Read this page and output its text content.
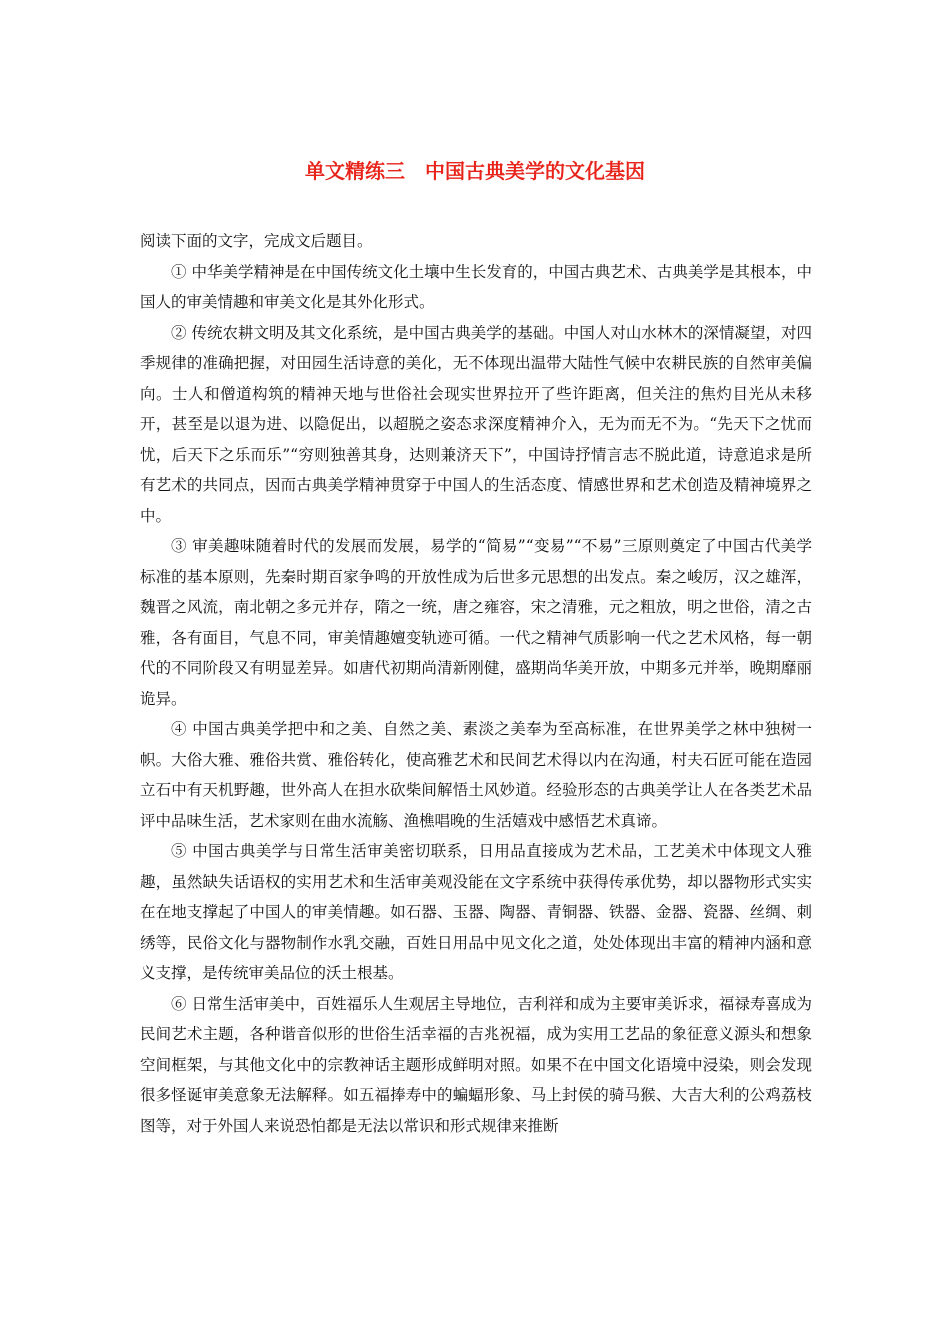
单文精练三　中国古典美学的文化基因

阅读下面的文字，完成文后题目。

① 中华美学精神是在中国传统文化土壤中生长发育的，中国古典艺术、古典美学是其根本，中国人的审美情趣和审美文化是其外化形式。

② 传统农耕文明及其文化系统，是中国古典美学的基础。中国人对山水林木的深情凝望，对四季规律的准确把握，对田园生活诗意的美化，无不体现出温带大陆性气候中农耕民族的自然审美偏向。士人和僧道构筑的精神天地与世俗社会现实世界拉开了些许距离，但关注的焦灼目光从未移开，甚至是以退为进、以隐促出，以超脱之姿态求深度精神介入，无为而无不为。“先天下之忧而忧，后天下之乐而乐”“穷则独善其身，达则兼济天下”，中国诗抒情言志不脱此道，诗意追求是所有艺术的共同点，因而古典美学精神贯穿于中国人的生活态度、情感世界和艺术创造及精神境界之中。

③ 审美趣味随着时代的发展而发展，易学的“简易”“变易”“不易”三原则奠定了中国古代美学标准的基本原则，先秦时期百家争鸣的开放性成为后世多元思想的出发点。秦之峻厉，汉之雄浑，魏晋之风流，南北朝之多元并存，隋之一统，唐之雍容，宋之清雅，元之粗放，明之世俗，清之古雅，各有面目，气息不同，审美情趣嬗变轨迹可循。一代之精神气质影响一代之艺术风格，每一朝代的不同阶段又有明显差异。如唐代初期尚清新刚健，盛期尚华美开放，中期多元并举，晚期靡丽诡异。

④ 中国古典美学把中和之美、自然之美、素淡之美奉为至高标准，在世界美学之林中独树一帜。大俗大雅、雅俗共赏、雅俗转化，使高雅艺术和民间艺术得以内在沟通，村夫石匠可能在造园立石中有天机野趣，世外高人在担水砍柴间解悟土风妙道。经验形态的古典美学让人在各类艺术品评中品味生活，艺术家则在曲水流觞、渔樵唱晚的生活嬉戏中感悟艺术真谛。

⑤ 中国古典美学与日常生活审美密切联系，日用品直接成为艺术品，工艺美术中体现文人雅趣，虽然缺失话语权的实用艺术和生活审美观没能在文字系统中获得传承优势，却以器物形式实实在在地支撑起了中国人的审美情趣。如石器、玉器、陶器、青铜器、铁器、金器、瓷器、丝绸、刺绣等，民俗文化与器物制作水乳交融，百姓日用品中见文化之道，处处体现出丰富的精神内涵和意义支撑，是传统审美品位的沃土根基。

⑥ 日常生活审美中，百姓福乐人生观居主导地位，吉利祥和成为主要审美诉求，福禄寿喜成为民间艺术主题，各种谐音似形的世俗生活幸福的吉兆祝福，成为实用工艺品的象征意义源头和想象空间框架，与其他文化中的宗教神话主题形成鲜明对照。如果不在中国文化语境中浸染，则会发现很多怪诞审美意象无法解释。如五福捧寿中的蝙蝠形象、马上封侯的骑马猴、大吉大利的公鸡荔枝图等，对于外国人来说恐怕都是无法以常识和形式规律来推断
